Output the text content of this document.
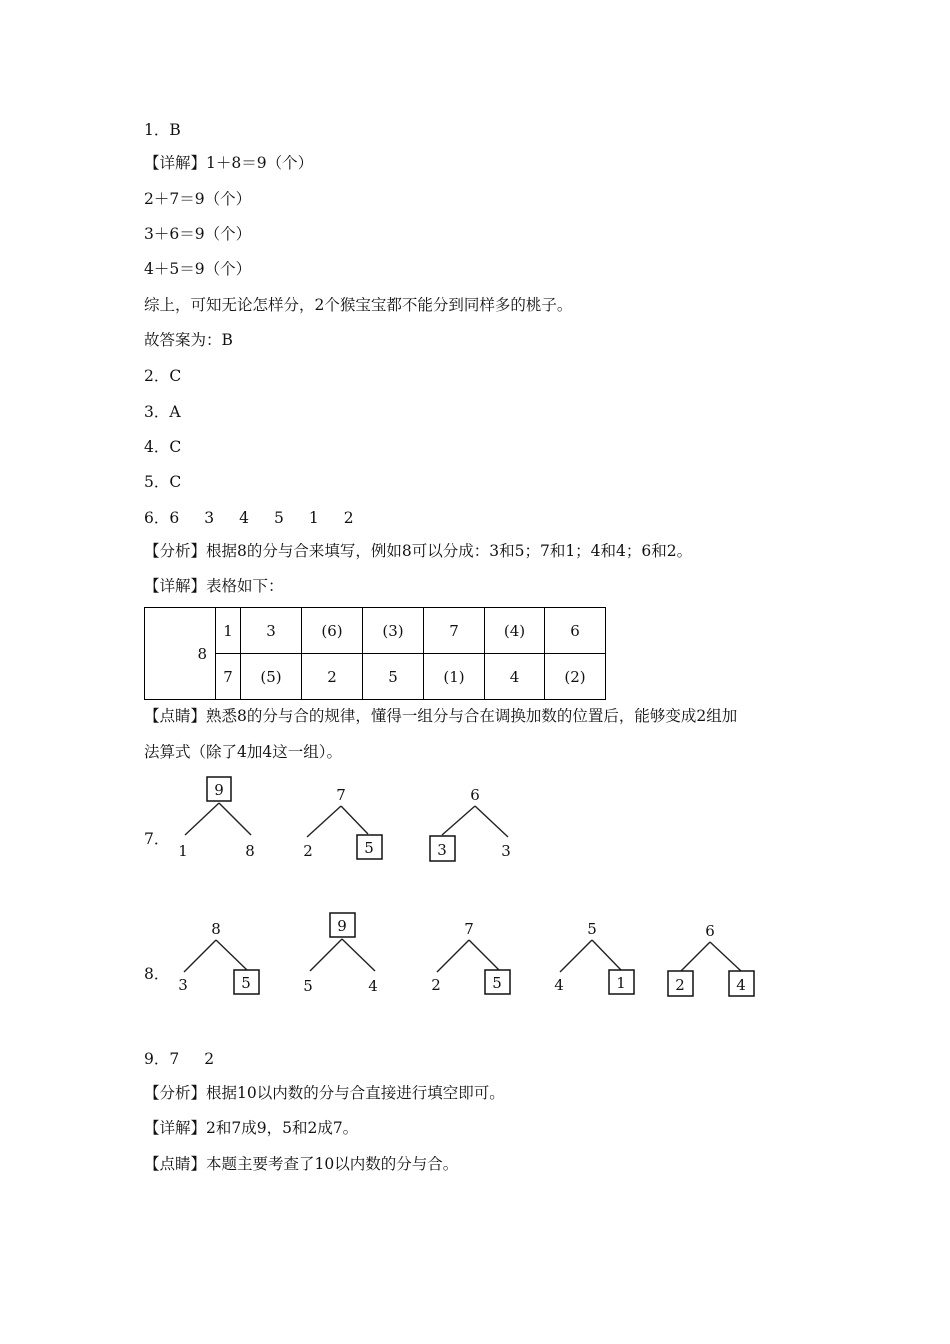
1．B
【详解】1＋8＝9（个）
2＋7＝9（个）
3＋6＝9（个）
4＋5＝9（个）
综上，可知无论怎样分，2个猴宝宝都不能分到同样多的桃子。
故答案为：B
2．C
3．A
4．C
5．C
6．6 3 4 5 1 2
【分析】根据8的分与合来填写，例如8可以分成：3和5；7和1；4和4；6和2。
【详解】表格如下：
8	1	3	(6)	(3)	7	(4)	6
	7	(5)	2	5	(1)	4	(2)
【点睛】熟悉8的分与合的规律，懂得一组分与合在调换加数的位置后，能够变成2组加
法算式（除了4加4这一组）。
7．
9
1	8
7
2	5
6
3	3
8．
8
3	5
9
5	4
7
2	5
5
4	1
6
2	4
9．7 2
【分析】根据10以内数的分与合直接进行填空即可。
【详解】2和7成9，5和2成7。
【点睛】本题主要考查了10以内数的分与合。
